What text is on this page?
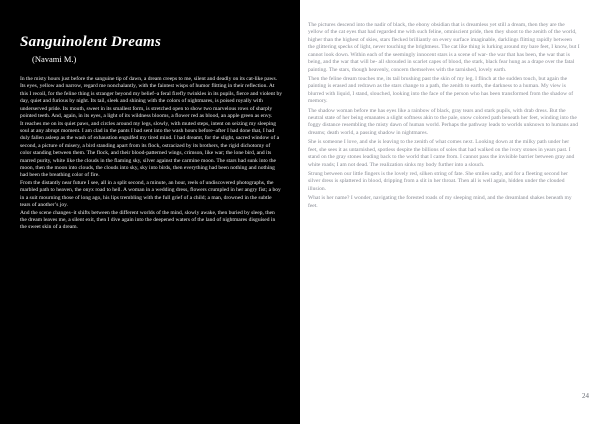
Sanguinolent Dreams
(Navami M.)

In the misty hours just before the sanguine tip of dawn, a dream creeps to me, silent and deadly on its cat-like paws. Its eyes, yellow and narrow, regard me nonchalantly, with the faintest wisps of humor flitting in their reflection. At this I recoil, for the feline thing is stranger beyond my belief–a feral firefly twinkles in its pupils, fierce and violent by day, quiet and furious by night. Its tail, sleek and shining with the colors of nightmares, is poised royally with underserved pride. Its mouth, sweet in its smallest form, is stretched open to show two marvelous rows of sharply pointed teeth. And, again, in its eyes, a light of its wildness blooms, a flower red as blood, an apple green as envy.

It reaches me on its quiet paws, and circles around my legs, slowly, with muted steps, intent on seizing my sleeping soul at any abrupt moment. I am clad in the pants I had sent into the wash hours before–after I had done that, I had duly fallen asleep as the wash of exhaustion engulfed my tired mind. I had dreamt, for the slight, sacred window of a second, a picture of misery, a bird standing apart from its flock, ostracized by its brothers, the rigid dichotomy of color standing between them. The flock, and their blood-patterned wings, crimson, like war; the lone bird, and its marred purity, white like the clouds in the flaming sky, silver against the carmine moon. The stars had sunk into the moon, then the moon into clouds, the clouds into sky, sky into birds, then everything had been nothing and nothing had been the breathing color of fire.

From the distantly near future I see, all in a split second, a minute, an hour, reels of undiscovered photographs, the marbled path to heaven, the onyx road to hell. A woman in a wedding dress, flowers crumpled in her angry fist; a boy in a suit mourning those of long ago, his lips trembling with the full grief of a child; a man, drowned in the subtle tears of another’s joy.

And the scene changes–it shifts between the different worlds of the mind, slowly awake, then buried by sleep, then the dream leaves me, a silent exit, then I dive again into the deepened waters of the land of nightmares disguised in the sweet skin of a dream.

The pictures descend into the nadir of black, the ebony obsidian that is dreamless yet still a dream, then they are the yellow of the cat eyes that had regarded me with such feline, omniscient pride, then they shoot to the zenith of the world, higher than the highest of skies, stars flecked brilliantly on every surface imaginable, darklings flitting rapidly between the glittering specks of light, never touching the brightness. The cat like thing is lurking around my bare feet, I know, but I cannot look down. Within each of the seemingly innocent stars is a scene of war- the war that has been, the war that is being, and the war that will be- all shrouded in scarlet capes of blood, the stark, black fear hung as a drape over the fatal painting. The stars, though heavenly, concern themselves with the tarnished, lovely earth.

Then the feline dream touches me, its tail brushing past the skin of my leg. I flinch at the sudden touch, but again the painting is erased and redrawn as the stars change to a path, the zenith to earth, the darkness to a human. My view is blurred with liquid, I stand, slouched, looking into the face of the person who has been transformed from the shadow of memory.

The shadow woman before me has eyes like a rainbow of black, gray tears and stark pupils, with drab dress. But the neutral state of her being emanates a slight softness akin to the pale, snow colored path beneath her feet, winding into the foggy distance resembling the misty dawn of human world. Perhaps the pathway leads to worlds unknown to humans and dreams; death world, a passing shadow in nightmares.

She is someone I love, and she is leaving to the zenith of what comes next. Looking down at the milky path under her feet, she sees it as untarnished, spotless despite the billions of soles that had walked on the ivory stones in years past. I stand on the gray stones leading back to the world that I came from. I cannot pass the invisible barrier between gray and white roads; I am not dead. The realization sinks my body further into a slouch.

Strung between our little fingers is the lovely red, silken string of fate. She smiles sadly, and for a fleeting second her silver dress is splattered in blood, dripping from a slit in her throat. Then all is well again, hidden under the clouded illusion.

What is her name? I wonder, navigating the forested roads of my sleeping mind, and the dreamland shakes beneath my feet.

24
